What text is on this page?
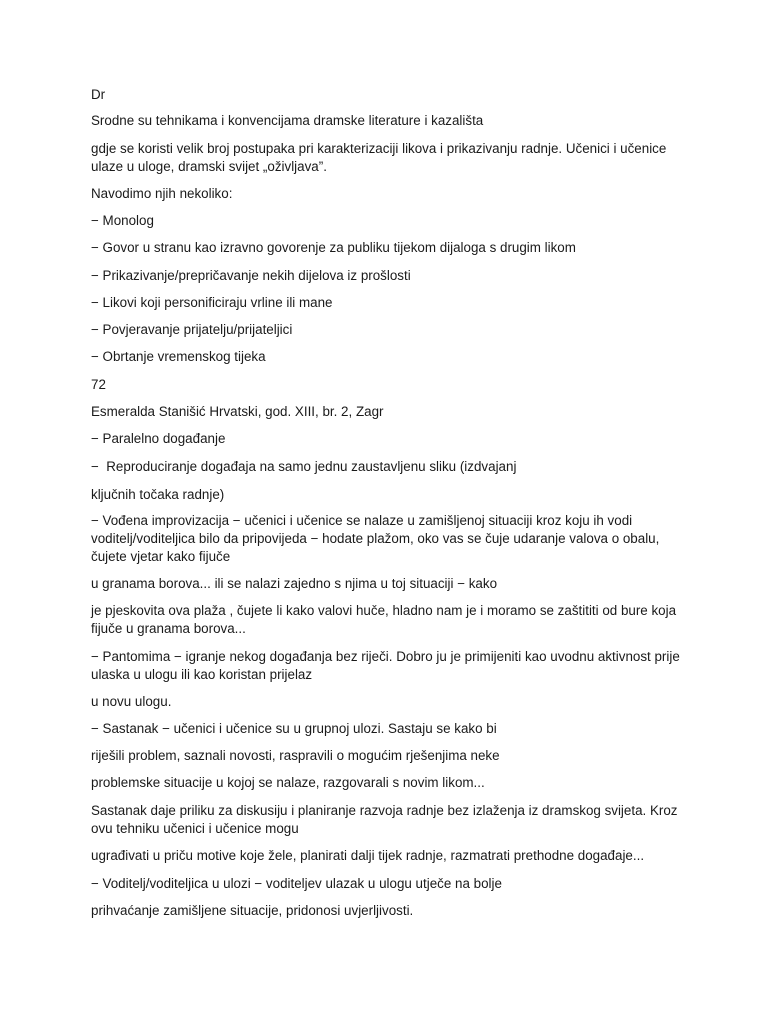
Dr

Srodne su tehnikama i konvencijama dramske literature i kazališta

gdje se koristi velik broj postupaka pri karakterizaciji likova i prikazivanju radnje. Učenici i učenice ulaze u uloge, dramski svijet „oživljava”.

Navodimo njih nekoliko:

− Monolog

− Govor u stranu kao izravno govorenje za publiku tijekom dijaloga s drugim likom

− Prikazivanje/prepričavanje nekih dijelova iz prošlosti

− Likovi koji personificiraju vrline ili mane

− Povjeravanje prijatelju/prijateljici

− Obrtanje vremenskog tijeka

72

Esmeralda Stanišić Hrvatski, god. XIII, br. 2, Zagr

− Paralelno događanje

−  Reproduciranje događaja na samo jednu zaustavljenu sliku (izdvajanj

ključnih točaka radnje)

− Vođena improvizacija − učenici i učenice se nalaze u zamišljenoj situaciji kroz koju ih vodi voditelj/voditeljica bilo da pripovijeda − hodate plažom, oko vas se čuje udaranje valova o obalu, čujete vjetar kako fijuče

u granama borova... ili se nalazi zajedno s njima u toj situaciji − kako

je pjeskovita ova plaža , čujete li kako valovi huče, hladno nam je i moramo se zaštititi od bure koja fijuče u granama borova...

− Pantomima − igranje nekog događanja bez riječi. Dobro ju je primijeniti kao uvodnu aktivnost prije ulaska u ulogu ili kao koristan prijelaz

u novu ulogu.

− Sastanak − učenici i učenice su u grupnoj ulozi. Sastaju se kako bi

riješili problem, saznali novosti, raspravili o mogućim rješenjima neke

problemske situacije u kojoj se nalaze, razgovarali s novim likom...

Sastanak daje priliku za diskusiju i planiranje razvoja radnje bez izlaženja iz dramskog svijeta. Kroz ovu tehniku učenici i učenice mogu

ugrađivati u priču motive koje žele, planirati dalji tijek radnje, razmatrati prethodne događaje...

− Voditelj/voditeljica u ulozi − voditeljev ulazak u ulogu utječe na bolje

prihvaćanje zamišljene situacije, pridonosi uvjerljivosti.
